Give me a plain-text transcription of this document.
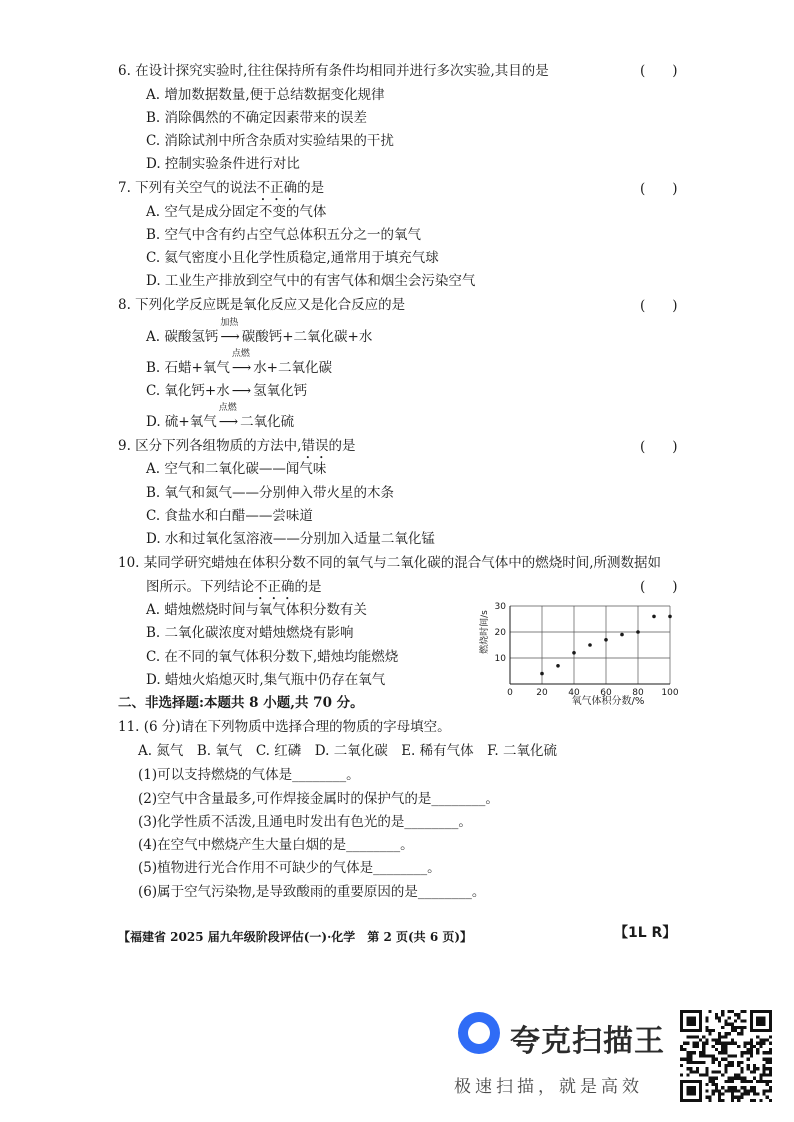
6. 在设计探究实验时,往往保持所有条件均相同并进行多次实验,其目的是	(　　)
A. 增加数据数量,便于总结数据变化规律
B. 消除偶然的不确定因素带来的误差
C. 消除试剂中所含杂质对实验结果的干扰
D. 控制实验条件进行对比
7. 下列有关空气的说法不正确的是	(　　)
A. 空气是成分固定不变的气体
B. 空气中含有约占空气总体积五分之一的氧气
C. 氦气密度小且化学性质稳定,通常用于填充气球
D. 工业生产排放到空气中的有害气体和烟尘会污染空气
8. 下列化学反应既是氧化反应又是化合反应的是	(　　)
A. 碳酸氢钙
加热
⟶ 碳酸钙+二氧化碳+水
B. 石蜡+氧气
点燃
⟶ 水+二氧化碳
C. 氧化钙+水 ⟶ 氢氧化钙
D. 硫+氧气
点燃
⟶ 二氧化硫
9. 区分下列各组物质的方法中,错误的是	(　　)
A. 空气和二氧化碳——闻气味
B. 氧气和氮气——分别伸入带火星的木条
C. 食盐水和白醋——尝味道
D. 水和过氧化氢溶液——分别加入适量二氧化锰
10. 某同学研究蜡烛在体积分数不同的氧气与二氧化碳的混合气体中的燃烧时间,所测数据如
图所示。下列结论不正确的是	(　　)
A. 蜡烛燃烧时间与氧气体积分数有关
B. 二氧化碳浓度对蜡烛燃烧有影响
C. 在不同的氧气体积分数下,蜡烛均能燃烧
D. 蜡烛火焰熄灭时,集气瓶中仍存在氧气
0	20 40 60 80 100
10
20
30
氧气体积分数/%
燃烧时间/s
二、非选择题:本题共 8 小题,共 70 分。
11. (6 分)请在下列物质中选择合理的物质的字母填空。
A. 氮气　B. 氧气　C. 红磷　D. 二氧化碳　E. 稀有气体　F. 二氧化硫
(1)可以支持燃烧的气体是________。
(2)空气中含量最多,可作焊接金属时的保护气的是________。
(3)化学性质不活泼,且通电时发出有色光的是________。
(4)在空气中燃烧产生大量白烟的是________。
(5)植物进行光合作用不可缺少的气体是________。
(6)属于空气污染物,是导致酸雨的重要原因的是________。
【福建省 2025 届九年级阶段评估(一)·化学　第 2 页(共 6 页)】	【1L R】
夸克扫描王
极速扫描，就是高效
